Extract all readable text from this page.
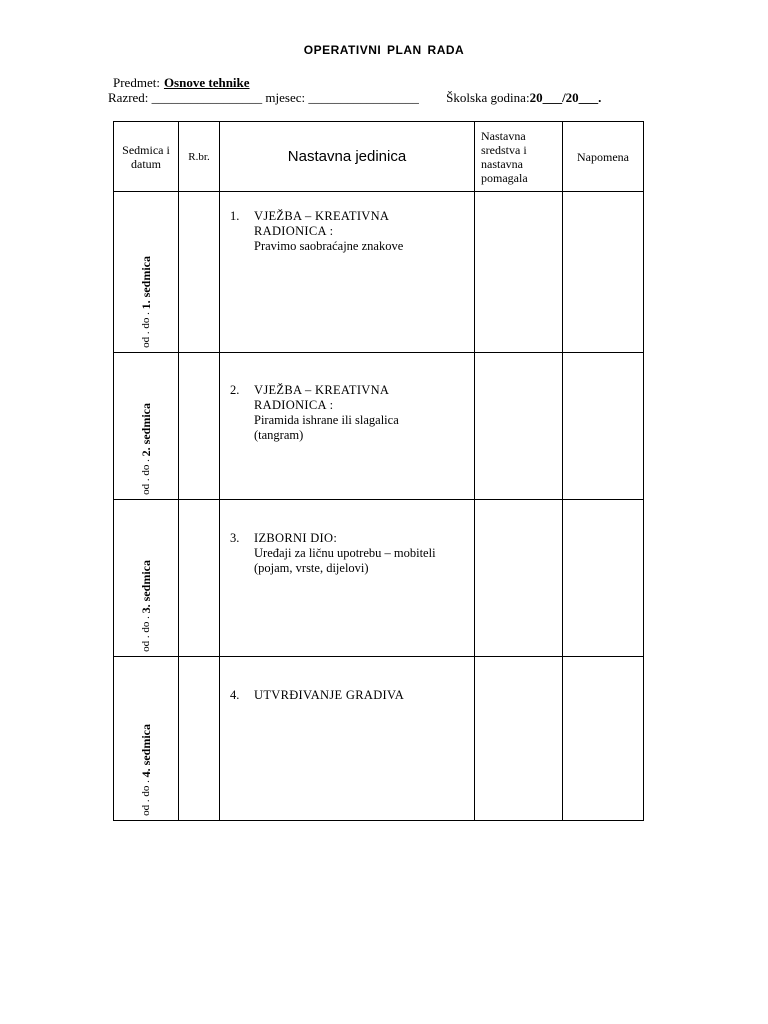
OPERATIVNI PLAN RADA
Predmet: Osnove tehnike
Razred: _________________ mjesec: _________________ Školska godina:20___/20___.
Sedmica i datum	R.br.	Nastavna jedinica	Nastavna sredstva i nastavna pomagala	Napomena

od . do . 1. sedmica		1. VJEŽBA – KREATIVNA
RADIONICA :
Pravimo saobraćajne znakove		

od . do . 2. sedmica		2. VJEŽBA – KREATIVNA
RADIONICA :
Piramida ishrane ili slagalica
(tangram)		

od . do . 3. sedmica		3. IZBORNI DIO:
Uređaji za ličnu upotrebu – mobiteli
(pojam, vrste, dijelovi)		

od . do . 4. sedmica		4. UTVRĐIVANJE GRADIVA		
